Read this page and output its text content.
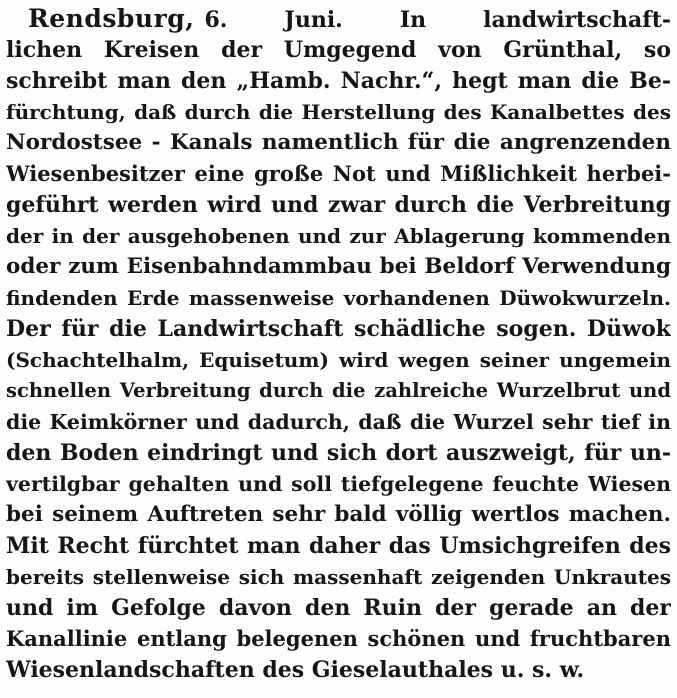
Rendsburg, 6. Juni. In landwirtschaft-
lichen Kreisen der Umgegend von Grünthal, so
schreibt man den „Hamb. Nachr.“, hegt man die Be-
fürchtung, daß durch die Herstellung des Kanalbettes des
Nordostsee - Kanals namentlich für die angrenzenden
Wiesenbesitzer eine große Not und Mißlichkeit herbei-
geführt werden wird und zwar durch die Verbreitung
der in der ausgehobenen und zur Ablagerung kommenden
oder zum Eisenbahndammbau bei Beldorf Verwendung
findenden Erde massenweise vorhandenen Düwokwurzeln.
Der für die Landwirtschaft schädliche sogen. Düwok
(Schachtelhalm, Equisetum) wird wegen seiner ungemein
schnellen Verbreitung durch die zahlreiche Wurzelbrut und
die Keimkörner und dadurch, daß die Wurzel sehr tief in
den Boden eindringt und sich dort auszweigt, für un-
vertilgbar gehalten und soll tiefgelegene feuchte Wiesen
bei seinem Auftreten sehr bald völlig wertlos machen.
Mit Recht fürchtet man daher das Umsichgreifen des
bereits stellenweise sich massenhaft zeigenden Unkrautes
und im Gefolge davon den Ruin der gerade an der
Kanallinie entlang belegenen schönen und fruchtbaren
Wiesenlandschaften des Gieselauthales u. s. w.
